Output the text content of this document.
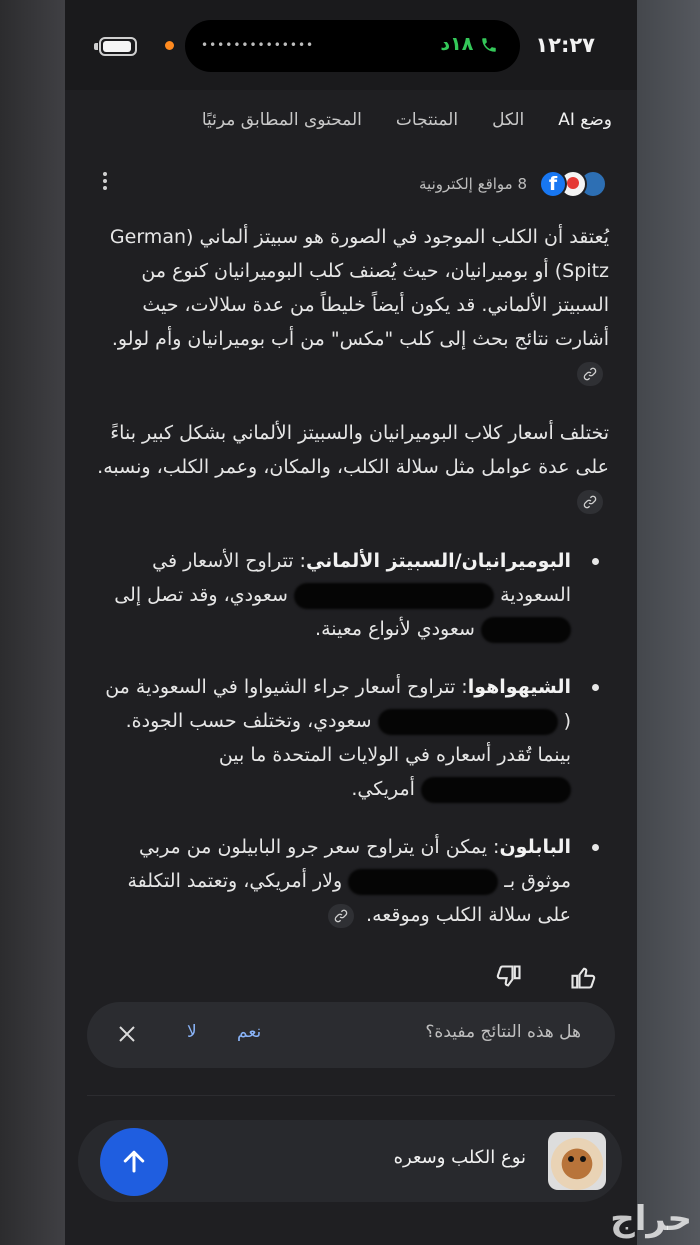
••••••••••••••	١٨د	١٢:٢٧
وضع AI
الكل
المنتجات
المحتوى المطابق مرئيًا
f
8 مواقع إلكترونية

يُعتقد أن الكلب الموجود في الصورة هو سبيتز ألماني (German Spitz) أو بوميرانيان، حيث يُصنف كلب البوميرانيان كنوع من السبيتز الألماني. قد يكون أيضاً خليطاً من عدة سلالات، حيث أشارت نتائج بحث إلى كلب "مكس" من أب بوميرانيان وأم لولو.

تختلف أسعار كلاب البوميرانيان والسبيتز الألماني بشكل كبير بناءً على عدة عوامل مثل سلالة الكلب، والمكان، وعمر الكلب، ونسبه.

البوميرانيان/السبيتز الألماني: تتراوح الأسعار في السعودية  سعودي، وقد تصل إلى  سعودي لأنواع معينة.
الشيهواهوا: تتراوح أسعار جراء الشيواوا في السعودية من (  سعودي، وتختلف حسب الجودة. بينما تُقدر أسعاره في الولايات المتحدة ما بين  أمريكي.
البابلون: يمكن أن يتراوح سعر جرو البابيلون من مربي موثوق بـ  ولار أمريكي، وتعتمد التكلفة على سلالة الكلب وموقعه.
هل هذه النتائج مفيدة؟
نعم
لا
نوع الكلب وسعره
حراج
